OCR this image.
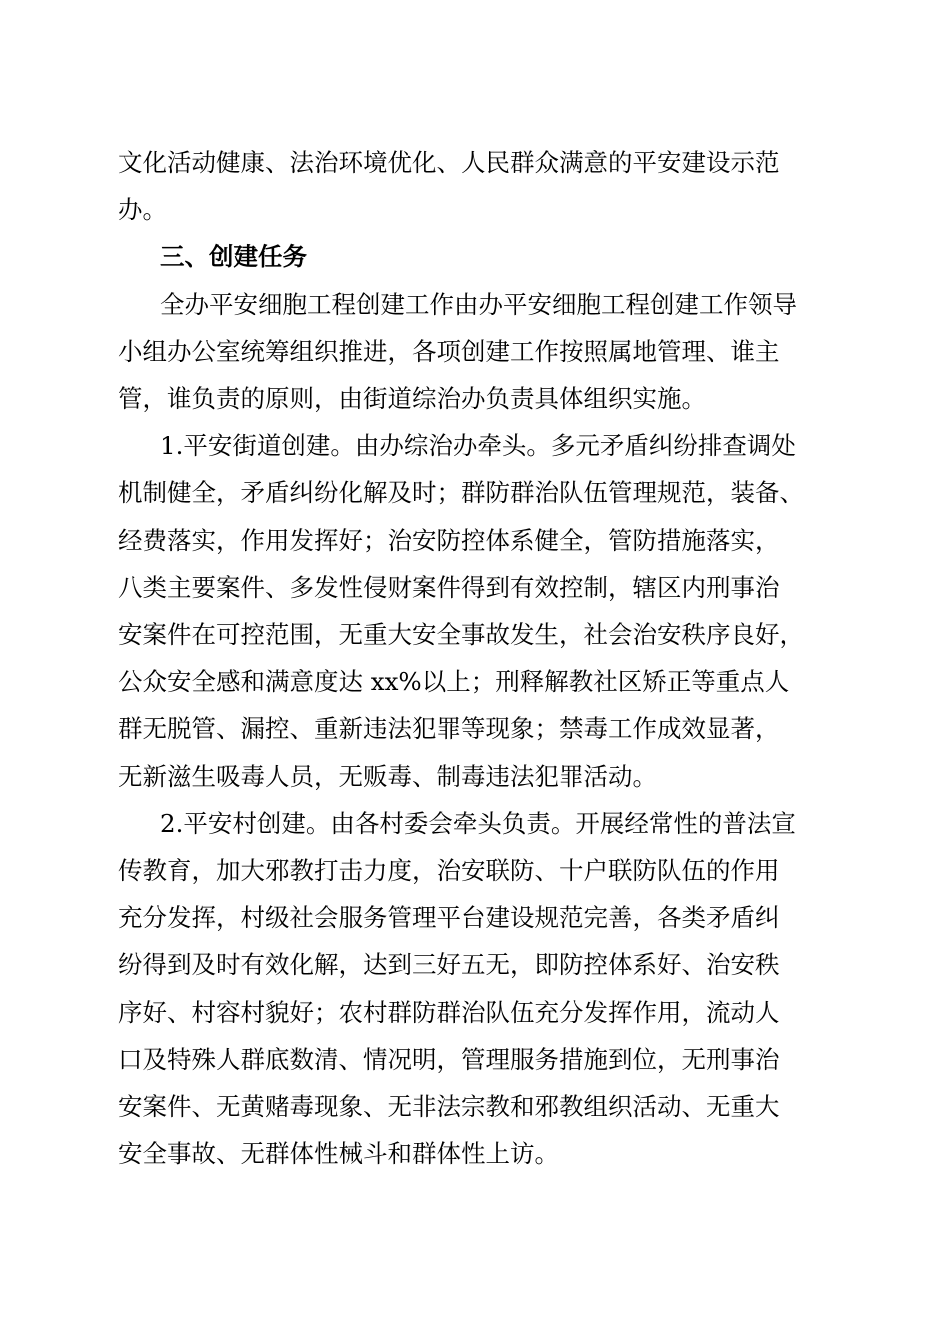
文化活动健康、法治环境优化、人民群众满意的平安建设示范
办。

三、创建任务

全办平安细胞工程创建工作由办平安细胞工程创建工作领导
小组办公室统筹组织推进，各项创建工作按照属地管理、谁主
管，谁负责的原则，由街道综治办负责具体组织实施。

1.平安街道创建。由办综治办牵头。多元矛盾纠纷排查调处
机制健全，矛盾纠纷化解及时；群防群治队伍管理规范，装备、
经费落实，作用发挥好；治安防控体系健全，管防措施落实，
八类主要案件、多发性侵财案件得到有效控制，辖区内刑事治
安案件在可控范围，无重大安全事故发生，社会治安秩序良好，
公众安全感和满意度达 xx%以上；刑释解教社区矫正等重点人
群无脱管、漏控、重新违法犯罪等现象；禁毒工作成效显著，
无新滋生吸毒人员，无贩毒、制毒违法犯罪活动。

2.平安村创建。由各村委会牵头负责。开展经常性的普法宣
传教育，加大邪教打击力度，治安联防、十户联防队伍的作用
充分发挥，村级社会服务管理平台建设规范完善，各类矛盾纠
纷得到及时有效化解，达到三好五无，即防控体系好、治安秩
序好、村容村貌好；农村群防群治队伍充分发挥作用，流动人
口及特殊人群底数清、情况明，管理服务措施到位，无刑事治
安案件、无黄赌毒现象、无非法宗教和邪教组织活动、无重大
安全事故、无群体性械斗和群体性上访。
